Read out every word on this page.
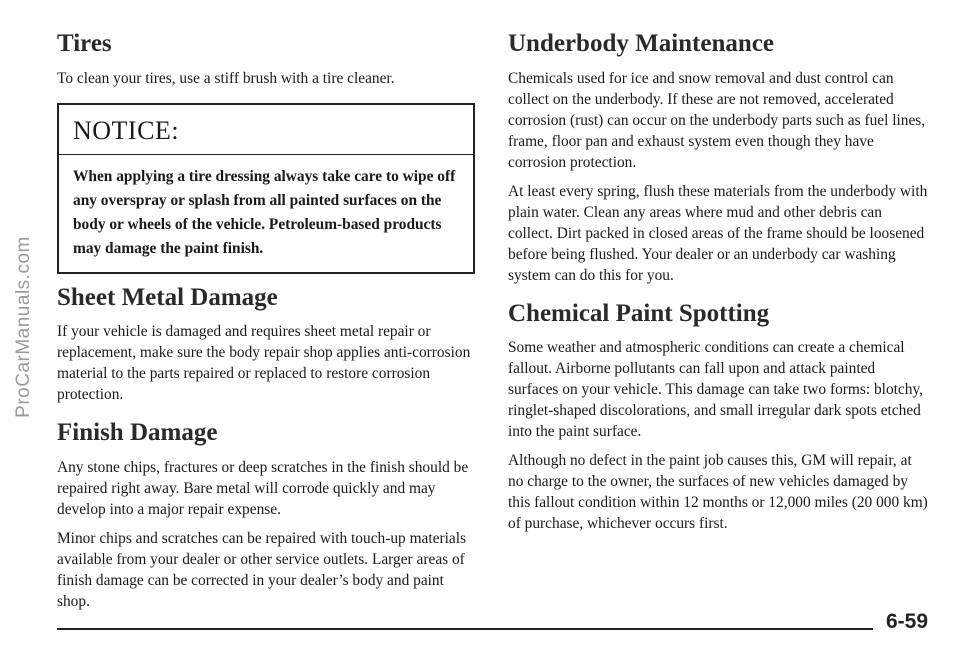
ProCarManuals.com
Tires

To clean your tires, use a stiff brush with a tire cleaner.

NOTICE:
When applying a tire dressing always take care to wipe off any overspray or splash from all painted surfaces on the body or wheels of the vehicle. Petroleum-based products may damage the paint finish.
Sheet Metal Damage

If your vehicle is damaged and requires sheet metal repair or replacement, make sure the body repair shop applies anti-corrosion material to the parts repaired or replaced to restore corrosion protection.

Finish Damage

Any stone chips, fractures or deep scratches in the finish should be repaired right away. Bare metal will corrode quickly and may develop into a major repair expense.

Minor chips and scratches can be repaired with touch-up materials available from your dealer or other service outlets. Larger areas of finish damage can be corrected in your dealer’s body and paint shop.

Underbody Maintenance

Chemicals used for ice and snow removal and dust control can collect on the underbody. If these are not removed, accelerated corrosion (rust) can occur on the underbody parts such as fuel lines, frame, floor pan and exhaust system even though they have corrosion protection.

At least every spring, flush these materials from the underbody with plain water. Clean any areas where mud and other debris can collect. Dirt packed in closed areas of the frame should be loosened before being flushed. Your dealer or an underbody car washing system can do this for you.

Chemical Paint Spotting

Some weather and atmospheric conditions can create a chemical fallout. Airborne pollutants can fall upon and attack painted surfaces on your vehicle. This damage can take two forms: blotchy, ringlet-shaped discolorations, and small irregular dark spots etched into the paint surface.

Although no defect in the paint job causes this, GM will repair, at no charge to the owner, the surfaces of new vehicles damaged by this fallout condition within 12 months or 12,000 miles (20 000 km) of purchase, whichever occurs first.

6-59
